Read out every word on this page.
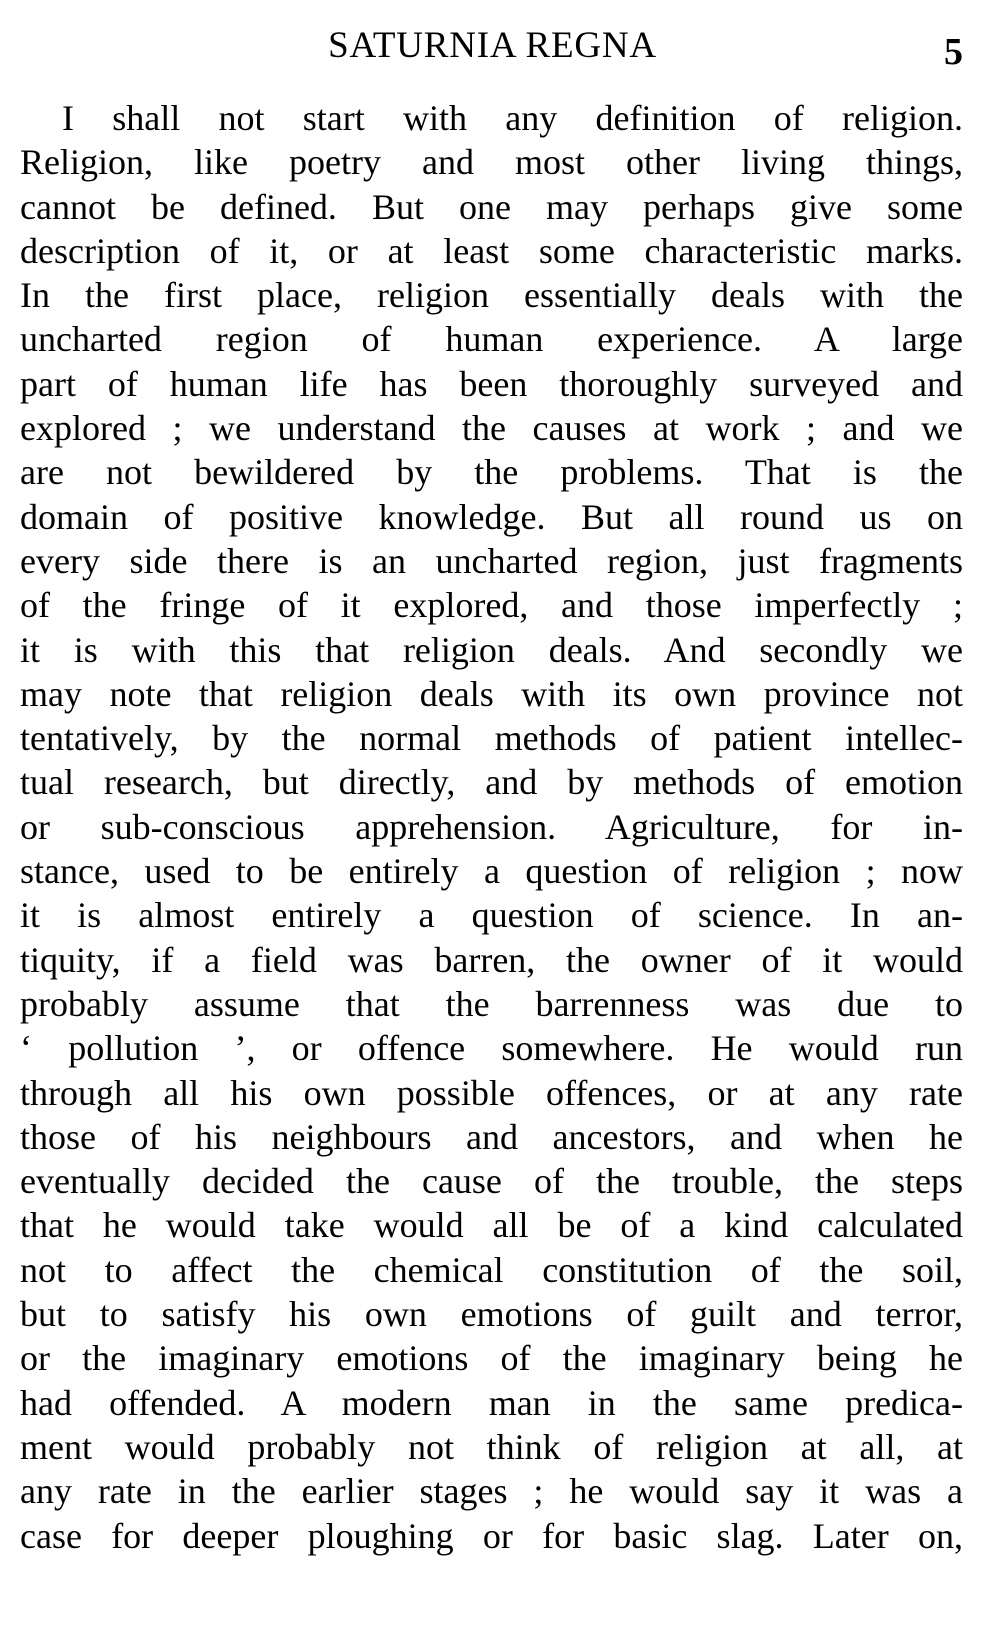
SATURNIA REGNA	5
I shall not start with any definition of religion.
Religion, like poetry and most other living things,
cannot be defined. But one may perhaps give some
description of it, or at least some characteristic marks.
In the first place, religion essentially deals with the
uncharted region of human experience. A large
part of human life has been thoroughly surveyed and
explored ; we understand the causes at work ; and we
are not bewildered by the problems. That is the
domain of positive knowledge. But all round us on
every side there is an uncharted region, just fragments
of the fringe of it explored, and those imperfectly ;
it is with this that religion deals. And secondly we
may note that religion deals with its own province not
tentatively, by the normal methods of patient intellec-
tual research, but directly, and by methods of emotion
or sub-conscious apprehension. Agriculture, for in-
stance, used to be entirely a question of religion ; now
it is almost entirely a question of science. In an-
tiquity, if a field was barren, the owner of it would
probably assume that the barrenness was due to
‘ pollution ’, or offence somewhere. He would run
through all his own possible offences, or at any rate
those of his neighbours and ancestors, and when he
eventually decided the cause of the trouble, the steps
that he would take would all be of a kind calculated
not to affect the chemical constitution of the soil,
but to satisfy his own emotions of guilt and terror,
or the imaginary emotions of the imaginary being he
had offended. A modern man in the same predica-
ment would probably not think of religion at all, at
any rate in the earlier stages ; he would say it was a
case for deeper ploughing or for basic slag. Later on,
